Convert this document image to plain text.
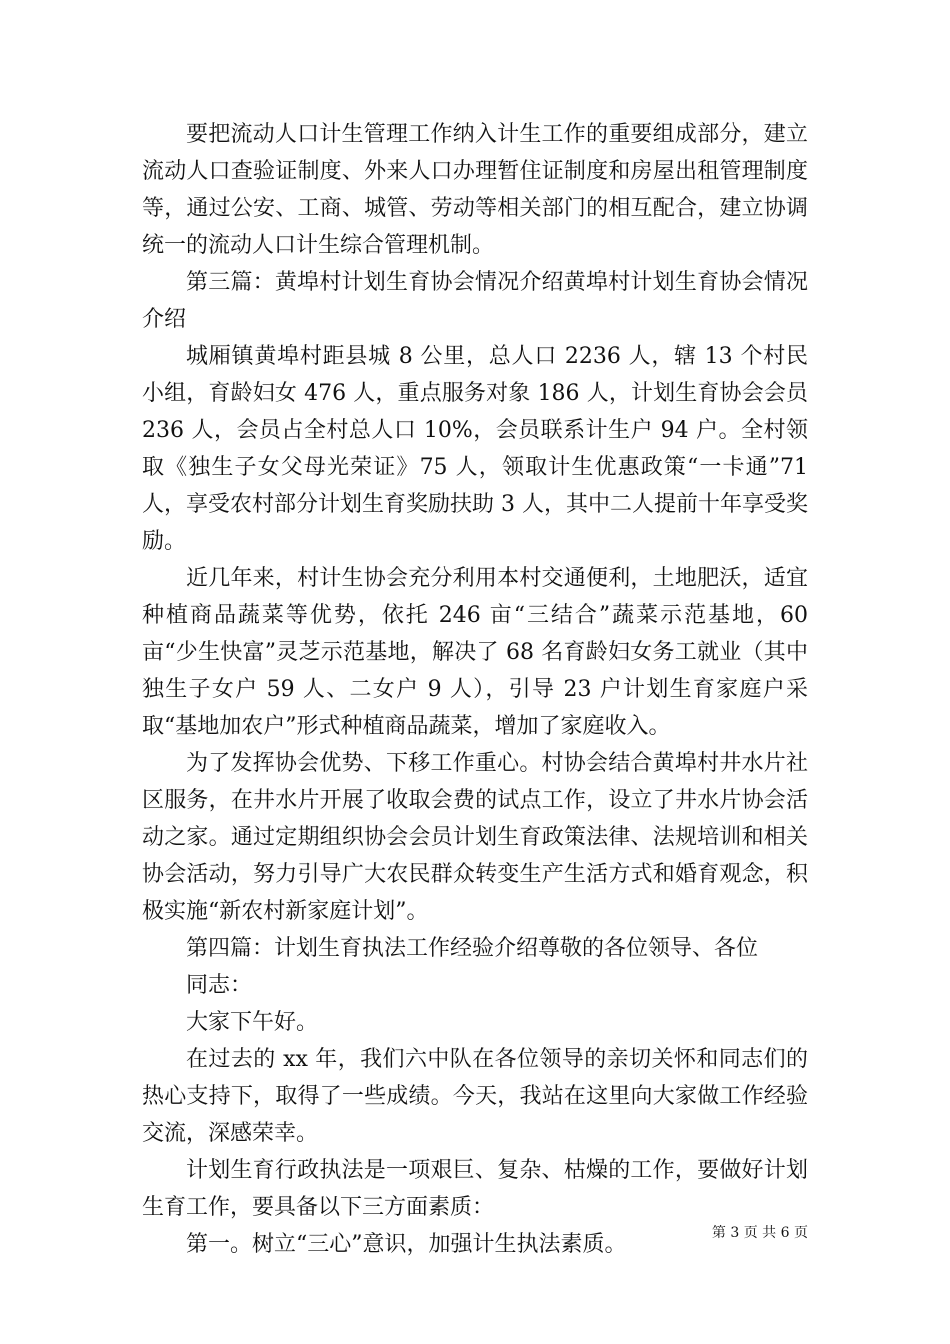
要把流动人口计生管理工作纳入计生工作的重要组成部分，建立流动人口查验证制度、外来人口办理暂住证制度和房屋出租管理制度等，通过公安、工商、城管、劳动等相关部门的相互配合，建立协调统一的流动人口计生综合管理机制。

第三篇：黄埠村计划生育协会情况介绍黄埠村计划生育协会情况介绍

城厢镇黄埠村距县城 8 公里，总人口 2236 人，辖 13 个村民小组，育龄妇女 476 人，重点服务对象 186 人，计划生育协会会员 236 人，会员占全村总人口 10%，会员联系计生户 94 户。全村领取《独生子女父母光荣证》75 人，领取计生优惠政策“一卡通”71 人，享受农村部分计划生育奖励扶助 3 人，其中二人提前十年享受奖励。

近几年来，村计生协会充分利用本村交通便利，土地肥沃，适宜种植商品蔬菜等优势，依托 246 亩“三结合”蔬菜示范基地，60 亩“少生快富”灵芝示范基地，解决了 68 名育龄妇女务工就业（其中独生子女户 59 人、二女户 9 人），引导 23 户计划生育家庭户采取“基地加农户”形式种植商品蔬菜，增加了家庭收入。

为了发挥协会优势、下移工作重心。村协会结合黄埠村井水片社区服务，在井水片开展了收取会费的试点工作，设立了井水片协会活动之家。通过定期组织协会会员计划生育政策法律、法规培训和相关协会活动，努力引导广大农民群众转变生产生活方式和婚育观念，积极实施“新农村新家庭计划”。

第四篇：计划生育执法工作经验介绍尊敬的各位领导、各位

同志：

大家下午好。

在过去的 xx 年，我们六中队在各位领导的亲切关怀和同志们的热心支持下，取得了一些成绩。今天，我站在这里向大家做工作经验交流，深感荣幸。

计划生育行政执法是一项艰巨、复杂、枯燥的工作，要做好计划生育工作，要具备以下三方面素质：

第一。树立“三心”意识，加强计生执法素质。	第 3 页 共 6 页
